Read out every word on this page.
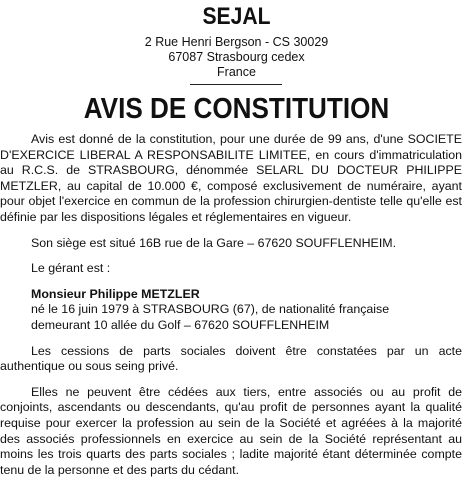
SEJAL
2 Rue Henri Bergson - CS 30029
67087 Strasbourg cedex
France
AVIS DE CONSTITUTION

Avis est donné de la constitution, pour une durée de 99 ans, d'une SOCIETE D'EXERCICE LIBERAL A RESPONSABILITE LIMITEE, en cours d'immatriculation au R.C.S. de STRASBOURG, dénommée SELARL DU DOCTEUR PHILIPPE METZLER, au capital de 10.000 €, composé exclusivement de numéraire, ayant pour objet l'exercice en commun de la profession chirurgien-dentiste telle qu'elle est définie par les dispositions légales et réglementaires en vigueur.

Son siège est situé 16B rue de la Gare – 67620 SOUFFLENHEIM.

Le gérant est :

Monsieur Philippe METZLER
né le 16 juin 1979 à STRASBOURG (67), de nationalité française
demeurant 10 allée du Golf – 67620 SOUFFLENHEIM

Les cessions de parts sociales doivent être constatées par un acte authentique ou sous seing privé.

Elles ne peuvent être cédées aux tiers, entre associés ou au profit de conjoints, ascendants ou descendants, qu'au profit de personnes ayant la qualité requise pour exercer la profession au sein de la Société et agréées à la majorité des associés professionnels en exercice au sein de la Société représentant au moins les trois quarts des parts sociales ; ladite majorité étant déterminée compte tenu de la personne et des parts du cédant.
